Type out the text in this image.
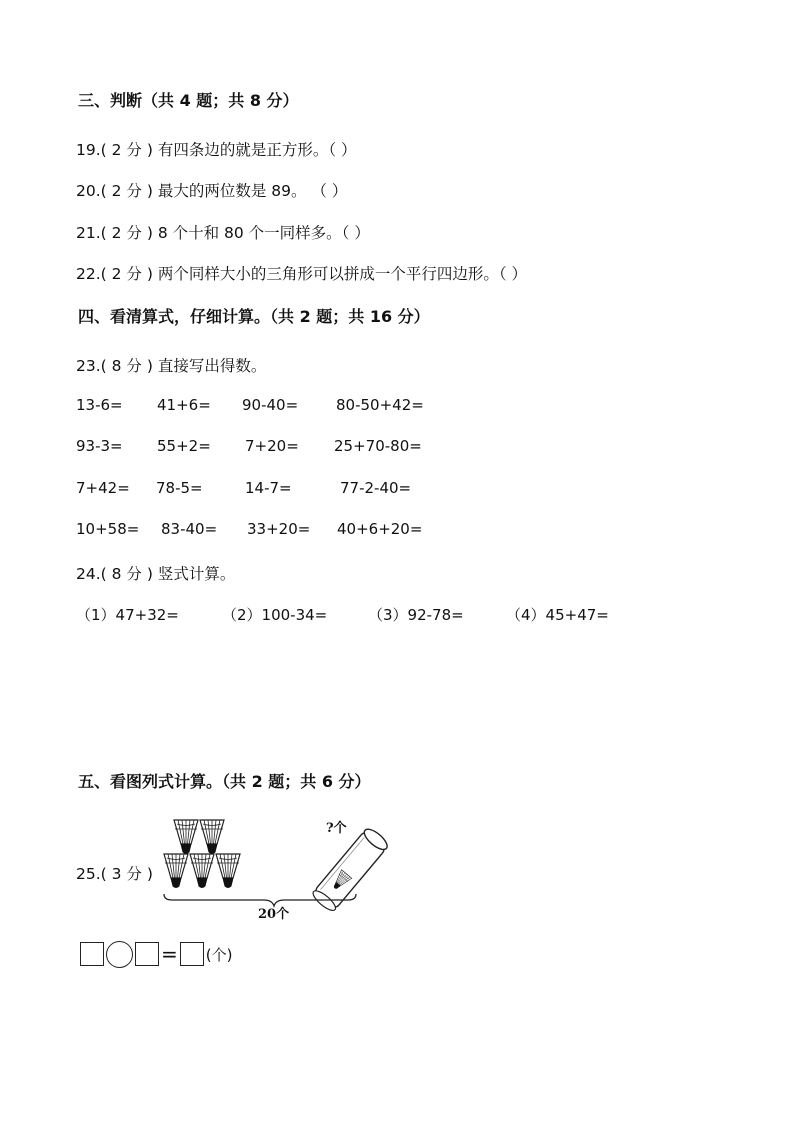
三、判断（共 4 题；共 8 分）
19.( 2 分 ) 有四条边的就是正方形。（ ）
20.( 2 分 ) 最大的两位数是 89。 （ ）
21.( 2 分 ) 8 个十和 80 个一同样多。（ ）
22.( 2 分 ) 两个同样大小的三角形可以拼成一个平行四边形。（ ）
四、看清算式，仔细计算。（共 2 题；共 16 分）
23.( 8 分 ) 直接写出得数。
13-6= 41+6= 90-40=	80-50+42=
93-3= 55+2= 7+20= 25+70-80=
7+42= 78-5=	14-7=	77-2-40=
10+58= 83-40= 33+20= 40+6+20=
24.( 8 分 ) 竖式计算。
（1）47+32=	（2）100-34=	（3）92-78=	（4）45+47=
五、看图列式计算。（共 2 题；共 6 分）
25.( 3 分 )
?个
20个
= (个)
